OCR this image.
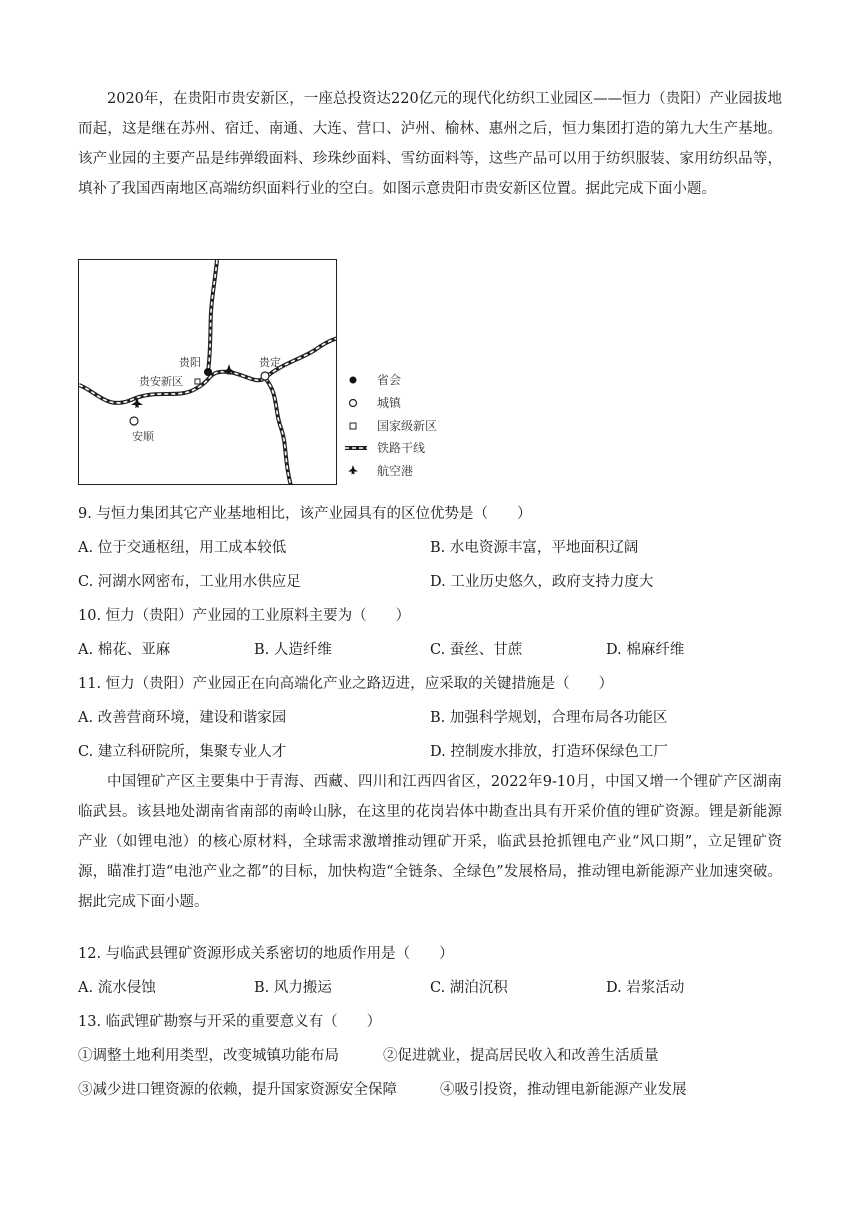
2020年，在贵阳市贵安新区，一座总投资达220亿元的现代化纺织工业园区——恒力（贵阳）产业园拔地而起，这是继在苏州、宿迁、南通、大连、营口、泸州、榆林、惠州之后，恒力集团打造的第九大生产基地。该产业园的主要产品是纬弹缎面料、珍珠纱面料、雪纺面料等，这些产品可以用于纺织服装、家用纺织品等，填补了我国西南地区高端纺织面料行业的空白。如图示意贵阳市贵安新区位置。据此完成下面小题。

贵阳	贵定
贵安新区
安顺
省会
城镇
国家级新区
铁路干线
航空港
9. 与恒力集团其它产业基地相比，该产业园具有的区位优势是（　　）
A. 位于交通枢纽，用工成本较低	B. 水电资源丰富，平地面积辽阔
C. 河湖水网密布，工业用水供应足	D. 工业历史悠久，政府支持力度大
10. 恒力（贵阳）产业园的工业原料主要为（　　）
A. 棉花、亚麻	B. 人造纤维	C. 蚕丝、甘蔗	D. 棉麻纤维
11. 恒力（贵阳）产业园正在向高端化产业之路迈进，应采取的关键措施是（　　）
A. 改善营商环境，建设和谐家园	B. 加强科学规划，合理布局各功能区
C. 建立科研院所，集聚专业人才	D. 控制废水排放，打造环保绿色工厂

中国锂矿产区主要集中于青海、西藏、四川和江西四省区，2022年9-10月，中国又增一个锂矿产区湖南临武县。该县地处湖南省南部的南岭山脉，在这里的花岗岩体中勘查出具有开采价值的锂矿资源。锂是新能源产业（如锂电池）的核心原材料，全球需求激增推动锂矿开采，临武县抢抓锂电产业“风口期”，立足锂矿资源，瞄准打造“电池产业之都”的目标，加快构造“全链条、全绿色”发展格局，推动锂电新能源产业加速突破。据此完成下面小题。

12. 与临武县锂矿资源形成关系密切的地质作用是（　　）
A. 流水侵蚀	B. 风力搬运	C. 湖泊沉积	D. 岩浆活动
13. 临武锂矿勘察与开采的重要意义有（　　）
①调整土地利用类型，改变城镇功能布局	②促进就业，提高居民收入和改善生活质量
③减少进口锂资源的依赖，提升国家资源安全保障	④吸引投资，推动锂电新能源产业发展
